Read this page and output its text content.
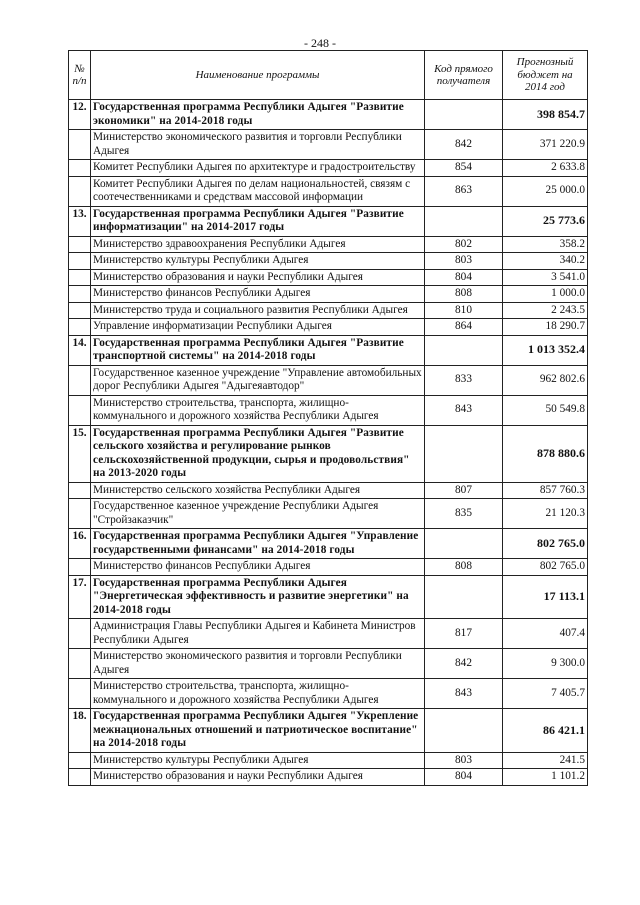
- 248 -
№ п/п	Наименование программы	Код прямого получателя	Прогнозный бюджет на 2014 год
12.	Государственная программа Республики Адыгея "Развитие экономики" на 2014-2018 годы		398 854.7
	Министерство экономического развития и торговли Республики Адыгея	842	371 220.9
	Комитет Республики Адыгея по архитектуре и градостроительству	854	2 633.8
	Комитет Республики Адыгея по делам национальностей, связям с соотечественниками и средствам массовой информации	863	25 000.0
13.	Государственная программа Республики Адыгея "Развитие информатизации" на 2014-2017 годы		25 773.6
	Министерство здравоохранения Республики Адыгея	802	358.2
	Министерство культуры Республики Адыгея	803	340.2
	Министерство образования и науки Республики Адыгея	804	3 541.0
	Министерство финансов Республики Адыгея	808	1 000.0
	Министерство труда и социального развития Республики Адыгея	810	2 243.5
	Управление информатизации Республики Адыгея	864	18 290.7
14.	Государственная программа Республики Адыгея "Развитие транспортной системы" на 2014-2018 годы		1 013 352.4
	Государственное казенное учреждение "Управление автомобильных дорог Республики Адыгея "Адыгеяавтодор"	833	962 802.6
	Министерство строительства, транспорта, жилищно-коммунального и дорожного хозяйства Республики Адыгея	843	50 549.8
15.	Государственная программа Республики Адыгея "Развитие сельского хозяйства и регулирование рынков сельскохозяйственной продукции, сырья и продовольствия" на 2013-2020 годы		878 880.6
	Министерство сельского хозяйства Республики Адыгея	807	857 760.3
	Государственное казенное учреждение Республики Адыгея "Стройзаказчик"	835	21 120.3
16.	Государственная программа Республики Адыгея "Управление государственными финансами" на 2014-2018 годы		802 765.0
	Министерство финансов Республики Адыгея	808	802 765.0
17.	Государственная программа Республики Адыгея "Энергетическая эффективность и развитие энергетики" на 2014-2018 годы		17 113.1
	Администрация Главы Республики Адыгея и Кабинета Министров Республики Адыгея	817	407.4
	Министерство экономического развития и торговли Республики Адыгея	842	9 300.0
	Министерство строительства, транспорта, жилищно-коммунального и дорожного хозяйства Республики Адыгея	843	7 405.7
18.	Государственная программа Республики Адыгея "Укрепление межнациональных отношений и патриотическое воспитание" на 2014-2018 годы		86 421.1
	Министерство культуры Республики Адыгея	803	241.5
	Министерство образования и науки Республики Адыгея	804	1 101.2
